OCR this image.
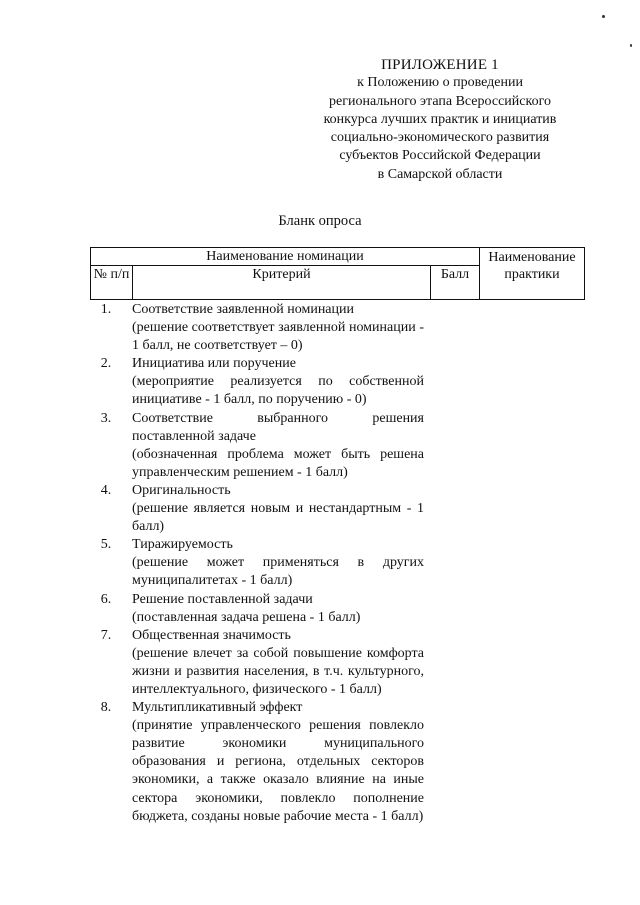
ПРИЛОЖЕНИЕ 1
к Положению о проведении
регионального этапа Всероссийского
конкурса лучших практик и инициатив
социально-экономического развития
субъектов Российской Федерации
в Самарской области
Бланк опроса
Наименование номинации			Наименование практики
№ п/п	Критерий	Балл	
1.	Соответствие заявленной номинации
(решение соответствует заявленной номинации - 1 балл, не соответствует – 0)
2.	Инициатива или поручение
(мероприятие реализуется по собственной инициативе - 1 балл, по поручению - 0)
3.	Соответствие выбранного решения поставленной задаче
(обозначенная проблема может быть решена управленческим решением - 1 балл)
4.	Оригинальность
(решение является новым и нестандартным - 1 балл)
5.	Тиражируемость
(решение может применяться в других муниципалитетах - 1 балл)
6.	Решение поставленной задачи
(поставленная задача решена - 1 балл)
7.	Общественная значимость
(решение влечет за собой повышение комфорта жизни и развития населения, в т.ч. культурного, интеллектуального, физического - 1 балл)
8.	Мультипликативный эффект
(принятие управленческого решения повлекло развитие экономики муниципального образования и региона, отдельных секторов экономики, а также оказало влияние на иные сектора экономики, повлекло пополнение бюджета, созданы новые рабочие места - 1 балл)
